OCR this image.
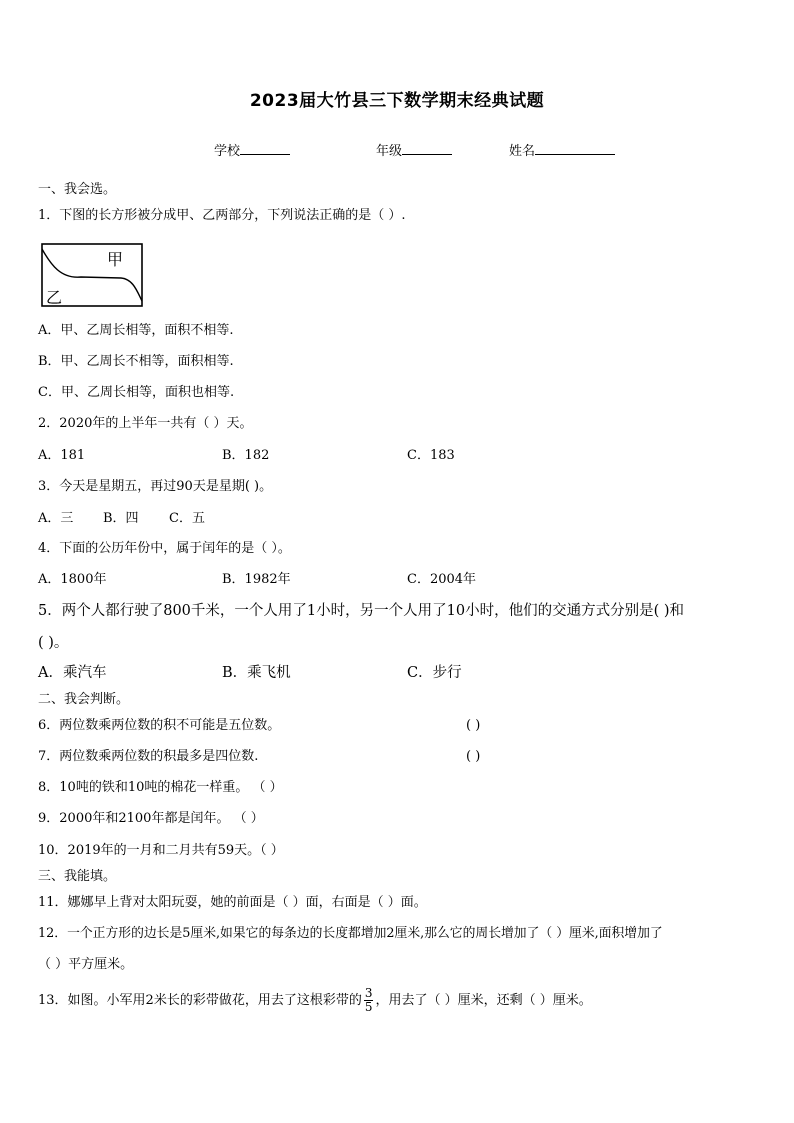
2023届大竹县三下数学期末经典试题
学校	年级	姓名
一、我会选。
1．下图的长方形被分成甲、乙两部分，下列说法正确的是（ ）.
甲
乙
A．甲、乙周长相等，面积不相等.
B．甲、乙周长不相等，面积相等.
C．甲、乙周长相等，面积也相等.
2．2020年的上半年一共有（ ）天。
A．181	B．182	C．183
3．今天是星期五，再过90天是星期( )。
A．三 B．四 C．五
4．下面的公历年份中，属于闰年的是（ ）。
A．1800年	B．1982年	C．2004年
5．两个人都行驶了800千米，一个人用了1小时，另一个人用了10小时，他们的交通方式分别是( )和
( )。
A．乘汽车	B．乘飞机	C．步行
二、我会判断。
6．两位数乘两位数的积不可能是五位数。	( )
7．两位数乘两位数的积最多是四位数.	( )
8．10吨的铁和10吨的棉花一样重。 （ ）
9．2000年和2100年都是闰年。 （ ）
10．2019年的一月和二月共有59天。（ ）
三、我能填。
11．娜娜早上背对太阳玩耍，她的前面是（ ）面，右面是（ ）面。
12．一个正方形的边长是5厘米,如果它的每条边的长度都增加2厘米,那么它的周长增加了（ ）厘米,面积增加了
（ ）平方厘米。
13．如图。小军用2米长的彩带做花，用去了这根彩带的 $\frac{3}{5}$ ，用去了（ ）厘米，还剩（ ）厘米。
